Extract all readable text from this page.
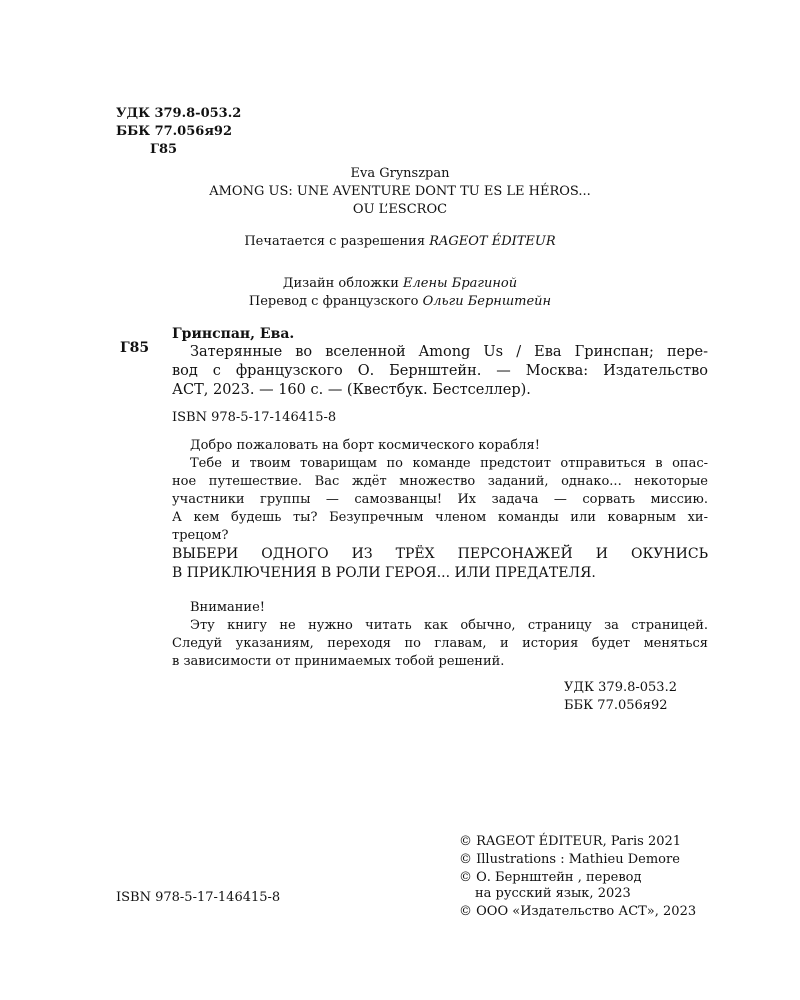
УДК 379.8-053.2
ББК 77.056я92
Г85
Eva Grynszpan
AMONG US: UNE AVENTURE DONT TU ES LE HÉROS...
OU L’ESCROC
Печатается с разрешения RAGEOT ÉDITEUR
Дизайн обложки Елены Брагиной
Перевод с французского Ольги Бернштейн
Г85
Гринспан, Ева.
Затерянные во вселенной Among Us / Ева Гринспан; пере-
вод с французского О. Бернштейн. — Москва: Издательство
АСТ, 2023. — 160 с. — (Квестбук. Бестселлер).
ISBN 978-5-17-146415-8
Добро пожаловать на борт космического корабля!
Тебе и твоим товарищам по команде предстоит отправиться в опас-
ное путешествие. Вас ждёт множество заданий, однако... некоторые
участники группы — самозванцы! Их задача — сорвать миссию.
А кем будешь ты? Безупречным членом команды или коварным хи-
трецом?
ВЫБЕРИ ОДНОГО ИЗ ТРЁХ ПЕРСОНАЖЕЙ И ОКУНИСЬ
В ПРИКЛЮЧЕНИЯ В РОЛИ ГЕРОЯ... ИЛИ ПРЕДАТЕЛЯ.
Внимание!
Эту книгу не нужно читать как обычно, страницу за страницей.
Следуй указаниям, переходя по главам, и история будет меняться
в зависимости от принимаемых тобой решений.
УДК 379.8-053.2
ББК 77.056я92
ISBN 978-5-17-146415-8
© RAGEOT ÉDITEUR, Paris 2021
© Illustrations : Mathieu Demore
© О. Бернштейн , перевод
на русский язык, 2023
© ООО «Издательство АСТ», 2023
